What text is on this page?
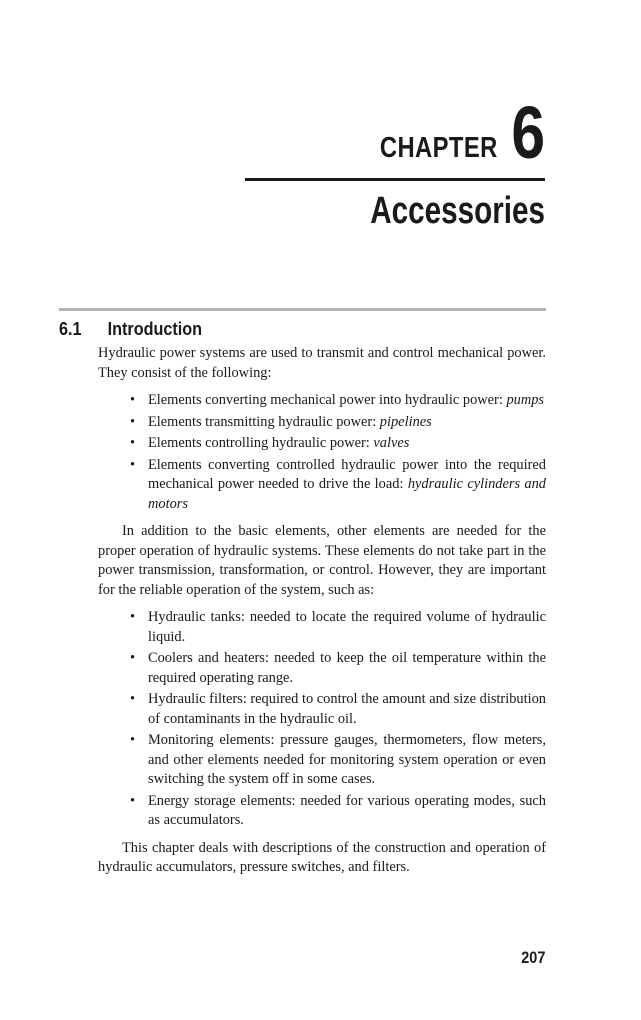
CHAPTER 6
Accessories
6.1	Introduction

Hydraulic power systems are used to transmit and control mechanical power. They consist of the following:

• Elements converting mechanical power into hydraulic power: pumps
• Elements transmitting hydraulic power: pipelines
• Elements controlling hydraulic power: valves
• Elements converting controlled hydraulic power into the required mechanical power needed to drive the load: hydraulic cylinders and motors

In addition to the basic elements, other elements are needed for the proper operation of hydraulic systems. These elements do not take part in the power transmission, transformation, or control. However, they are important for the reliable operation of the system, such as:

• Hydraulic tanks: needed to locate the required volume of hydraulic liquid.
• Coolers and heaters: needed to keep the oil temperature within the required operating range.
• Hydraulic filters: required to control the amount and size distribution of contaminants in the hydraulic oil.
• Monitoring elements: pressure gauges, thermometers, flow meters, and other elements needed for monitoring system operation or even switching the system off in some cases.
• Energy storage elements: needed for various operating modes, such as accumulators.

This chapter deals with descriptions of the construction and operation of hydraulic accumulators, pressure switches, and filters.

207
